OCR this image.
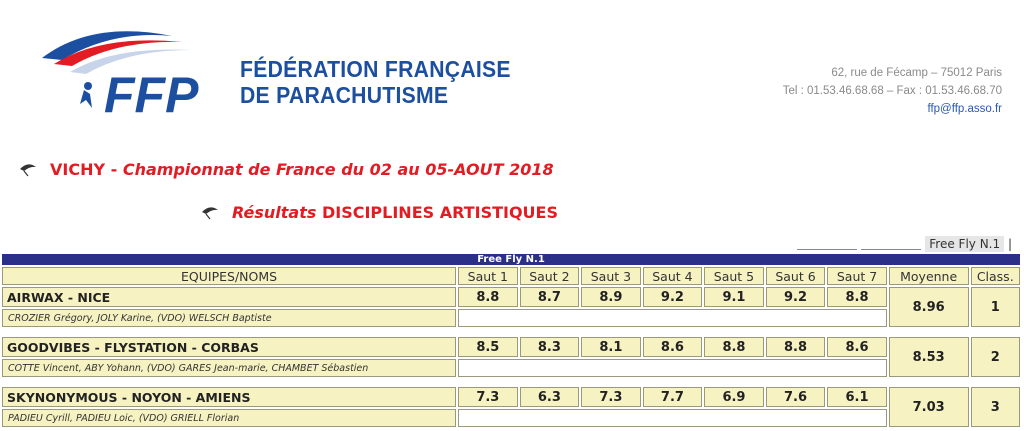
FFP FÉDÉRATION FRANÇAISE
DE PARACHUTISME
62, rue de Fécamp – 75012 Paris
Tel : 01.53.46.68.68 – Fax : 01.53.46.68.70
ffp@ffp.asso.fr
VICHY -
Championnat de France du 02 au 05-AOUT 2018
Résultats
DISCIPLINES ARTISTIQUES
Free Fly N.1
|
Free Fly N.1									
EQUIPES/NOMS	Saut 1	Saut 2	Saut 3	Saut 4	Saut 5	Saut 6	Saut 7	Moyenne	Class.
AIRWAX - NICE	8.8	8.7	8.9	9.2	9.1	9.2	8.8	8.96	1
CROZIER Grégory, JOLY Karine, (VDO) WELSCH Baptiste									

GOODVIBES - FLYSTATION - CORBAS	8.5	8.3	8.1	8.6	8.8	8.8	8.6	8.53	2
COTTE Vincent, ABY Yohann, (VDO) GARES Jean-marie, CHAMBET Sébastien									

SKYNONYMOUS - NOYON - AMIENS	7.3	6.3	7.3	7.7	6.9	7.6	6.1	7.03	3
PADIEU Cyrill, PADIEU Loic, (VDO) GRIELL Florian									
